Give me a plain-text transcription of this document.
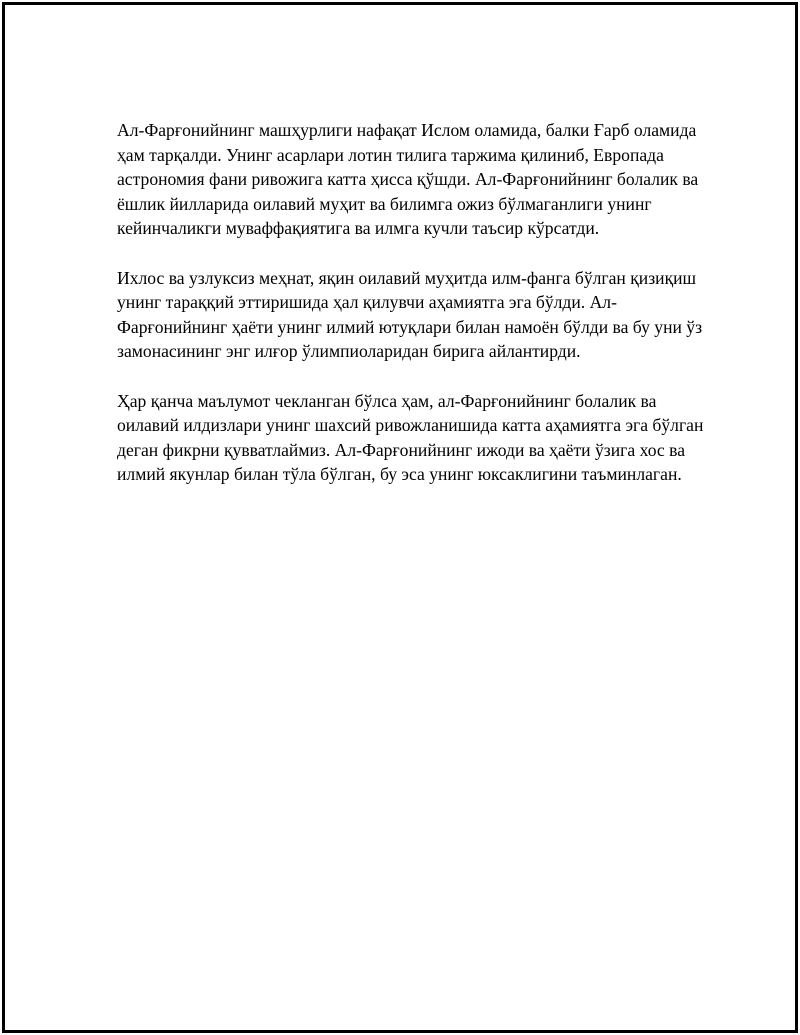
Ал-Фарғонийнинг машҳурлиги нафақат Ислом оламида, балки Ғарб оламида ҳам тарқалди. Унинг асарлари лотин тилига таржима қилиниб, Европада астрономия фани ривожига катта ҳисса қўшди. Ал-Фарғонийнинг болалик ва ёшлик йилларида оилавий муҳит ва билимга ожиз бўлмаганлиги унинг кейинчаликги муваффақиятига ва илмга кучли таъсир кўрсатди.

Ихлос ва узлуксиз меҳнат, яқин оилавий муҳитда илм-фанга бўлган қизиқиш унинг тараққий эттиришида ҳал қилувчи аҳамиятга эга бўлди. Ал-Фарғонийнинг ҳаёти унинг илмий ютуқлари билан намоён бўлди ва бу уни ўз замонасининг энг илғор ўлимпиоларидан бирига айлантирди.

Ҳар қанча маълумот чекланган бўлса ҳам, ал-Фарғонийнинг болалик ва оилавий илдизлари унинг шахсий ривожланишида катта аҳамиятга эга бўлган деган фикрни қувватлаймиз. Ал-Фарғонийнинг ижоди ва ҳаёти ўзига хос ва илмий якунлар билан тўла бўлган, бу эса унинг юксаклигини таъминлаган.
